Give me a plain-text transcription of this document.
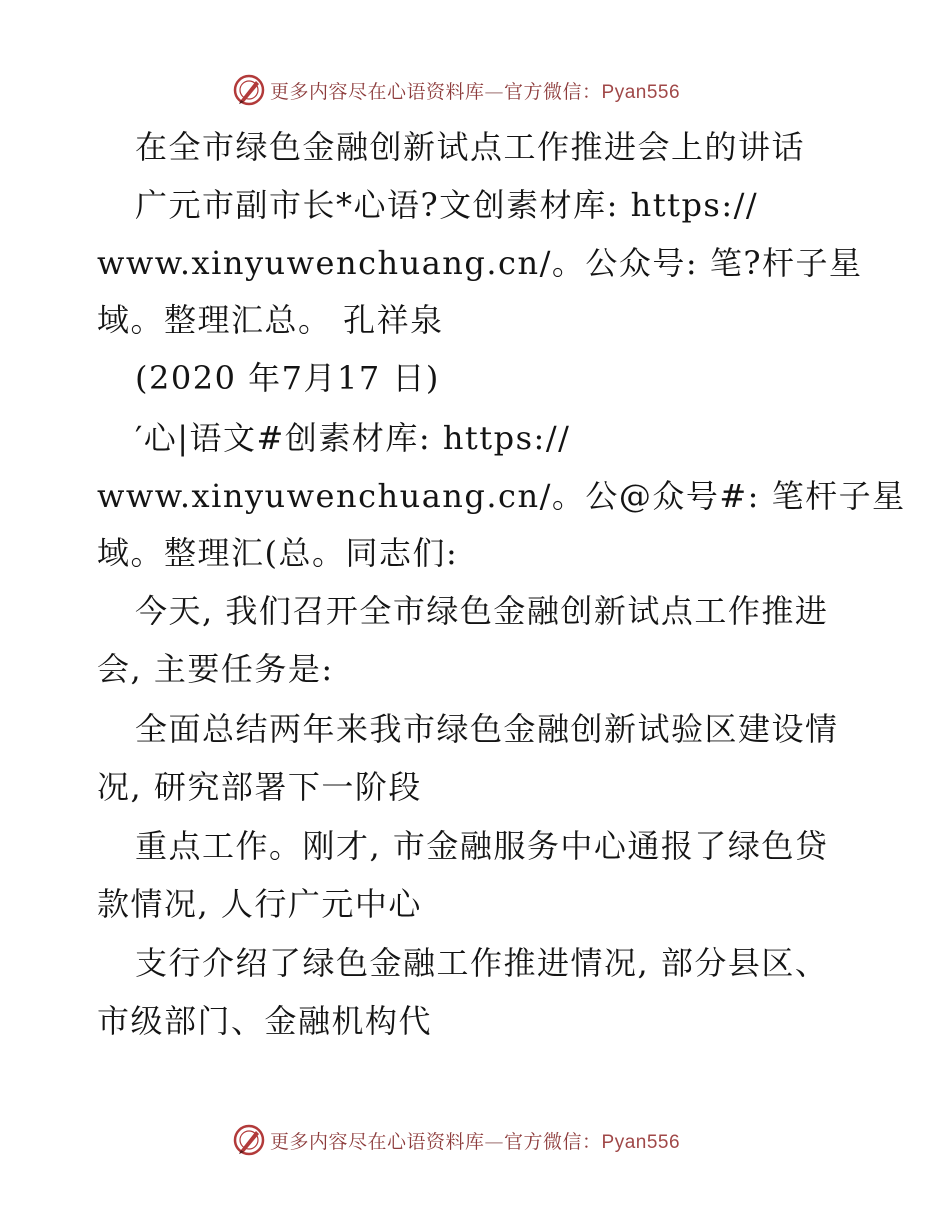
更多内容尽在心语资料库—官方微信：Pyan556
在全市绿色金融创新试点工作推进会上的讲话
广元市副市长*心语?文创素材库: https://
www.xinyuwenchuang.cn/。公众号: 笔?杆子星
域。整理汇总。 孔祥泉
(2020 年7月17 日)
′心|语文#创素材库: https://
www.xinyuwenchuang.cn/。公@众号#: 笔杆子星
域。整理汇(总。同志们:
今天, 我们召开全市绿色金融创新试点工作推进
会, 主要任务是:
全面总结两年来我市绿色金融创新试验区建设情
况, 研究部署下一阶段
重点工作。刚才, 市金融服务中心通报了绿色贷
款情况, 人行广元中心
支行介绍了绿色金融工作推进情况, 部分县区、
市级部门、金融机构代
更多内容尽在心语资料库—官方微信：Pyan556
